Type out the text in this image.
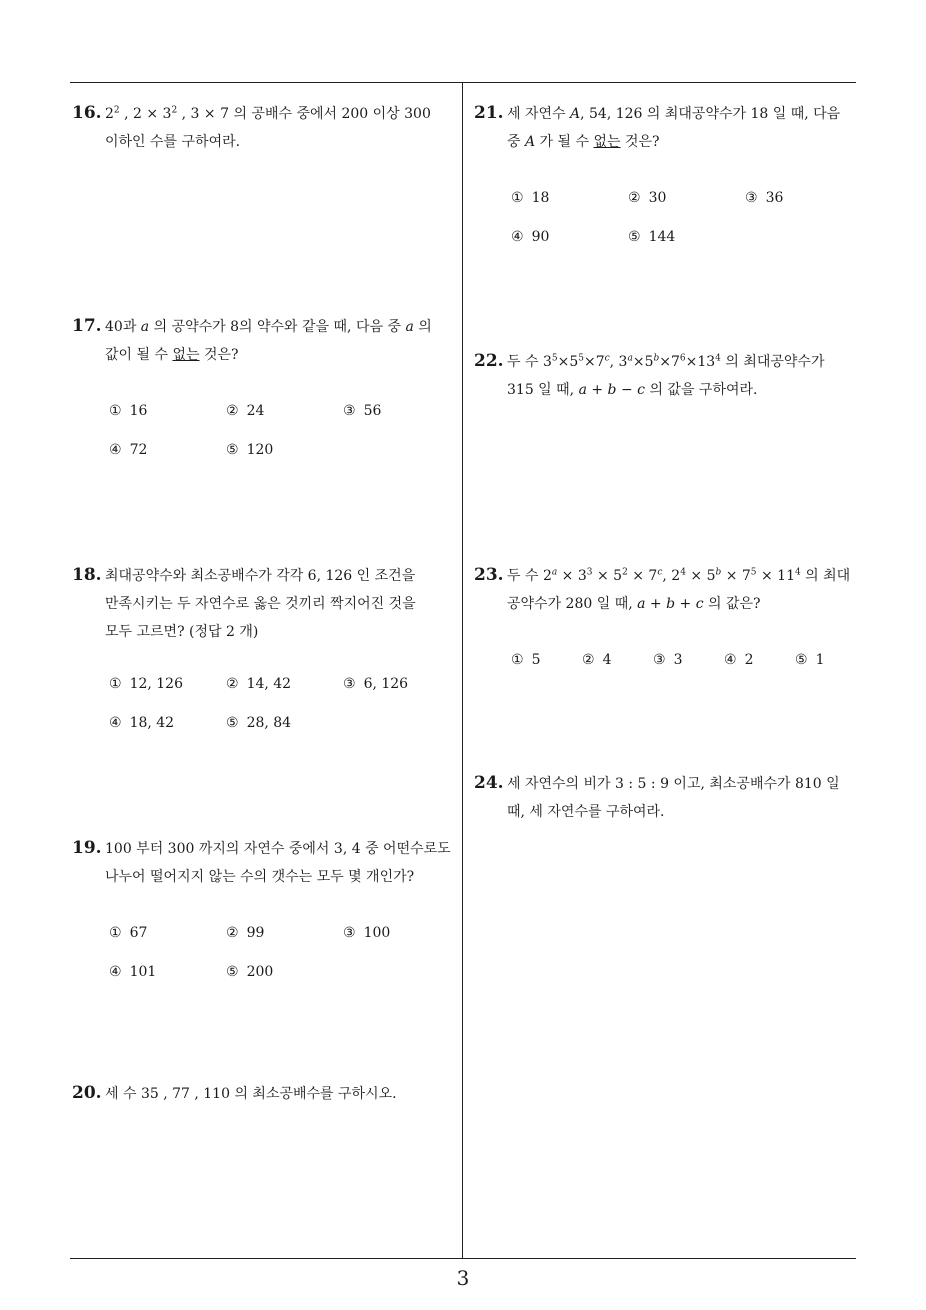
16. $2^2$ , $2 \times 3^2$ , 3 × 7 의 공배수 중에서 200 이상 300
이하인 수를 구하여라.
17. 40과 a 의 공약수가 8의 약수와 같을 때, 다음 중 a 의
값이 될 수 없는 것은?
① 16	② 24	③ 56
④ 72	⑤ 120
18. 최대공약수와 최소공배수가 각각 6, 126 인 조건을
만족시키는 두 자연수로 옳은 것끼리 짝지어진 것을
모두 고르면? (정답 2 개)
① 12, 126	② 14, 42	③ 6, 126
④ 18, 42	⑤ 28, 84
19. 100 부터 300 까지의 자연수 중에서 3, 4 중 어떤수로도
나누어 떨어지지 않는 수의 갯수는 모두 몇 개인가?
① 67	② 99	③ 100
④ 101	⑤ 200
20. 세 수 35 , 77 , 110 의 최소공배수를 구하시오.
21. 세 자연수 A, 54, 126 의 최대공약수가 18 일 때, 다음
중 A 가 될 수 없는 것은?
① 18	② 30	③ 36
④ 90	⑤ 144
22. 두 수 $3^5\times 5^5\times 7^c$, $3^a\times 5^b\times 7^6\times 13^4$ 의 최대공약수가
315 일 때, a + b − c 의 값을 구하여라.
23. 두 수 $2^a \times 3^3 \times 5^2 \times 7^c$, $2^4 \times 5^b \times 7^5 \times 11^4$ 의 최대
공약수가 280 일 때, a + b + c 의 값은?
① 5	② 4	③ 3	④ 2	⑤ 1
24. 세 자연수의 비가 3 : 5 : 9 이고, 최소공배수가 810 일
때, 세 자연수를 구하여라.
3
